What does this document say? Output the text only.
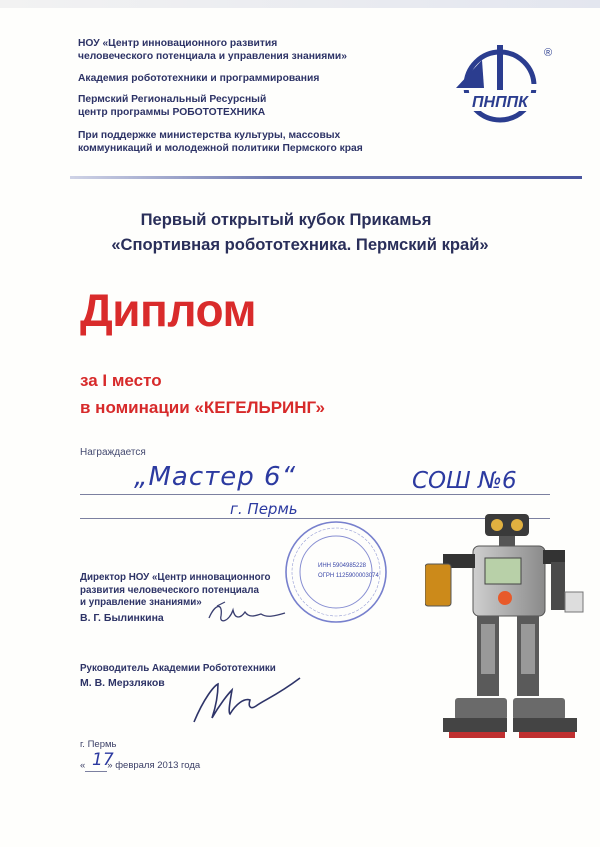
НОУ «Центр инновационного развития
человеческого потенциала и управления знаниями»
Академия робототехники и программирования
Пермский Региональный Ресурсный
центр программы РОБОТОТЕХНИКА
При поддержке министерства культуры, массовых
коммуникаций и молодежной политики Пермского края
ПНППК
®
Первый открытый кубок Прикамья
«Спортивная робототехника. Пермский край»
Диплом
за I место
в номинации «КЕГЕЛЬРИНГ»
Награждается
„Мастер 6“	СОШ №6
г. Пермь
ИНН 5904985228
ОГРН 1125900003074
Директор НОУ «Центр инновационного
развития человеческого потенциала
и управление знаниями»
В. Г. Былинкина
Руководитель Академии Робототехники
М. В. Мерзляков
г. Пермь
« » февраля 2013 года
17
